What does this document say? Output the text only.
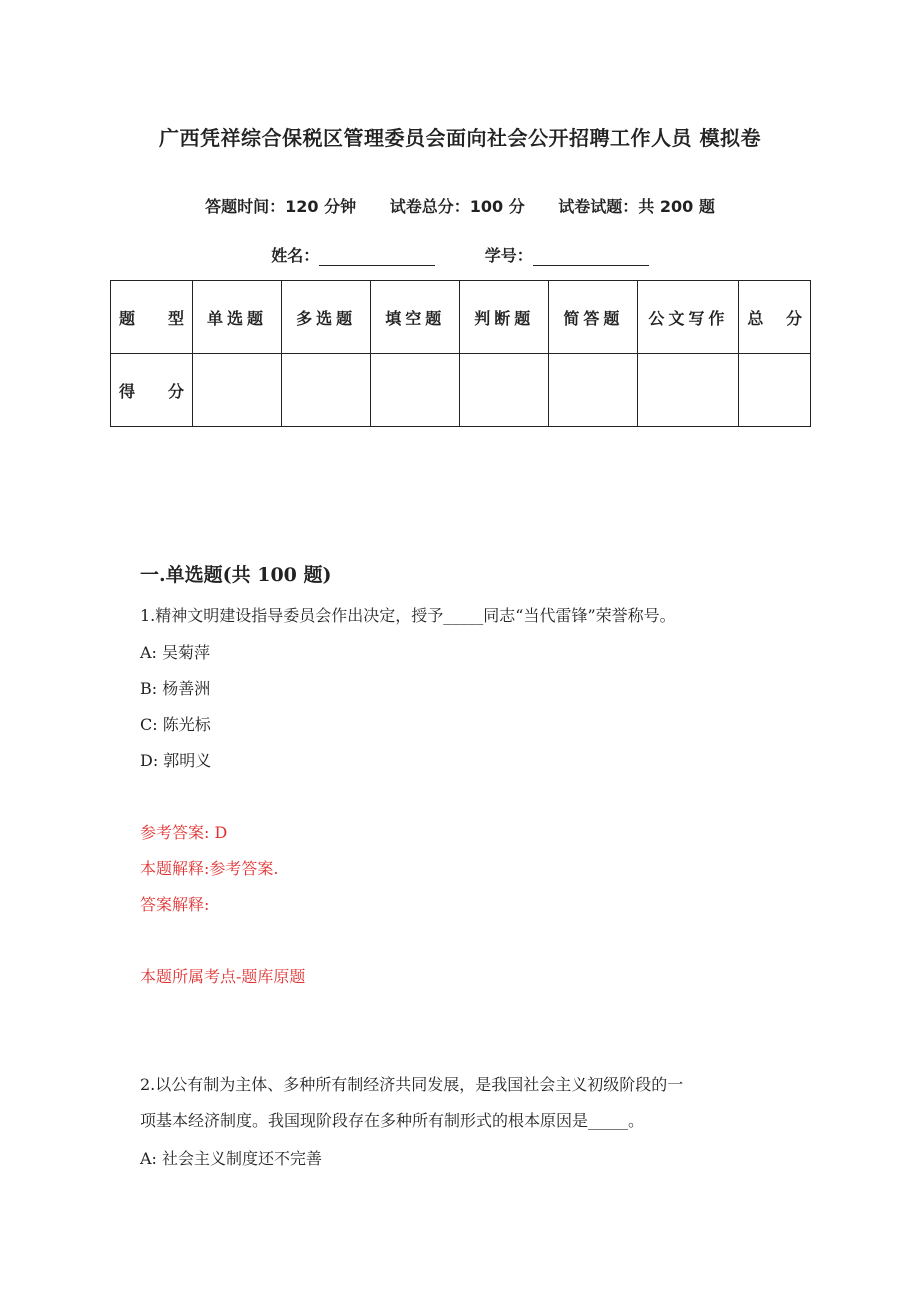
广西凭祥综合保税区管理委员会面向社会公开招聘工作人员 模拟卷
答题时间：120 分钟 试卷总分：100 分 试卷试题：共 200 题
姓名：	学号：
题 型	单选题	多选题	填空题	判断题	简答题	公文写作	总 分

得 分							

一.单选题(共 100 题)
1.精神文明建设指导委员会作出决定，授予_____同志“当代雷锋”荣誉称号。
A: 吴菊萍
B: 杨善洲
C: 陈光标
D: 郭明义
参考答案: D
本题解释:参考答案.
答案解释:
本题所属考点-题库原题
2.以公有制为主体、多种所有制经济共同发展，是我国社会主义初级阶段的一
项基本经济制度。我国现阶段存在多种所有制形式的根本原因是_____。
A: 社会主义制度还不完善
